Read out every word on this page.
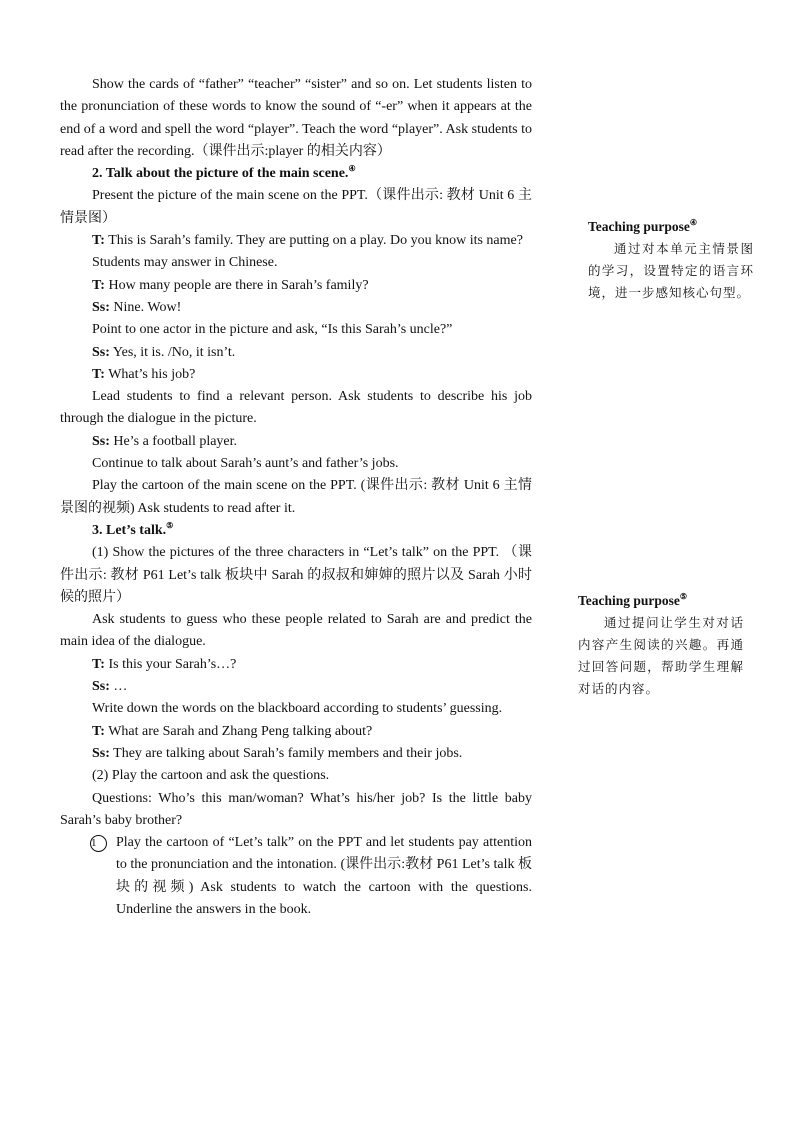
Show the cards of “father” “teacher” “sister” and so on. Let students listen to the pronunciation of these words to know the sound of “-er” when it appears at the end of a word and spell the word “player”. Teach the word “player”. Ask students to read after the recording.（课件出示:player 的相关内容）

2. Talk about the picture of the main scene.④

Present the picture of the main scene on the PPT.（课件出示: 教材 Unit 6 主情景图）

T: This is Sarah’s family. They are putting on a play. Do you know its name?

Students may answer in Chinese.

T: How many people are there in Sarah’s family?

Ss: Nine. Wow!

Point to one actor in the picture and ask, “Is this Sarah’s uncle?”

Ss: Yes, it is. /No, it isn’t.

T: What’s his job?

Lead students to find a relevant person. Ask students to describe his job through the dialogue in the picture.

Ss: He’s a football player.

Continue to talk about Sarah’s aunt’s and father’s jobs.

Play the cartoon of the main scene on the PPT. (课件出示: 教材 Unit 6 主情景图的视频) Ask students to read after it.

3. Let’s talk.⑤

(1) Show the pictures of the three characters in “Let’s talk” on the PPT. （课件出示: 教材 P61 Let’s talk 板块中 Sarah 的叔叔和婶婶的照片以及 Sarah 小时候的照片）

Ask students to guess who these people related to Sarah are and predict the main idea of the dialogue.

T: Is this your Sarah’s…?

Ss: …

Write down the words on the blackboard according to students’ guessing.

T: What are Sarah and Zhang Peng talking about?

Ss: They are talking about Sarah’s family members and their jobs.

(2) Play the cartoon and ask the questions.

Questions: Who’s this man/woman? What’s his/her job? Is the little baby Sarah’s baby brother?

1	Play the cartoon of “Let’s talk” on the PPT and let students pay attention to the pronunciation and the intonation. (课件出示:教材 P61 Let’s talk 板块的视频) Ask students to watch the cartoon with the questions. Underline the answers in the book.

Teaching purpose④

通过对本单元主情景图的学习，设置特定的语言环境，进一步感知核心句型。

Teaching purpose⑤

通过提问让学生对对话内容产生阅读的兴趣。再通过回答问题，帮助学生理解对话的内容。
